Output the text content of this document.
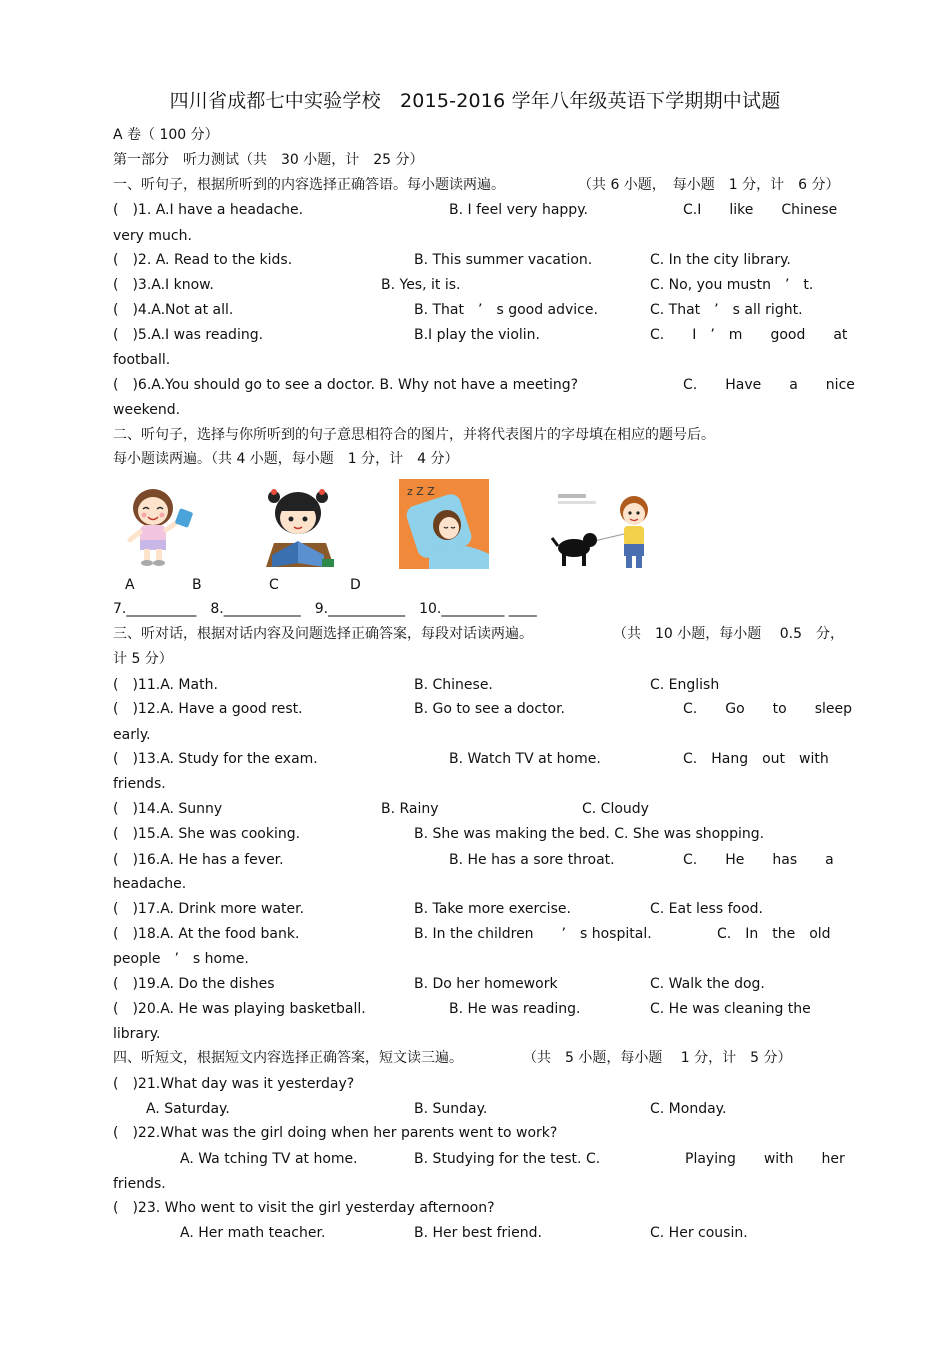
四川省成都七中实验学校　2015-2016 学年八年级英语下学期期中试题
A 卷（ 100 分）
第一部分　听力测试（共　30 小题，计　25 分）
一、听句子，根据所听到的内容选择正确答语。每小题读两遍。	（共 6 小题，　每小题　1 分，计　6 分）
(　)1. A.I have a headache.	B. I feel very happy.	C.I　　like　　Chinese
very much.
(　)2. A. Read to the kids.	B. This summer vacation.	C. In the city library.
(　)3.A.I know.	B. Yes, it is.	C. No, you mustn　’　t.
(　)4.A.Not at all.	B. That　’　s good advice.	C. That　’　s all right.
(　)5.A.I was reading.	B.I play the violin.	C.　　I　’　m　　good　　at
football.
(　)6.A.You should go to see a doctor. B. Why not have a meeting?	C.　　Have　　a　　nice
weekend.
二、听句子，选择与你所听到的句子意思相符合的图片，并将代表图片的字母填在相应的题号后。
每小题读两遍。（共 4 小题，每小题　1 分，计　4 分）
z Z Z
A	B	C	D
7.__________　8.___________　9.___________　10._________ ____
三、听对话，根据对话内容及问题选择正确答案，每段对话读两遍。	（共　10 小题，每小题　 0.5　分，
计 5 分）
(　)11.A. Math.	B. Chinese.	C. English
(　)12.A. Have a good rest.	B. Go to see a doctor.	C.　　Go　　to　　sleep
early.
(　)13.A. Study for the exam.	B. Watch TV at home.	C.　Hang　out　with
friends.
(　)14.A. Sunny	B. Rainy	C. Cloudy
(　)15.A. She was cooking.	B. She was making the bed. C. She was shopping.
(　)16.A. He has a fever.	B. He has a sore throat.	C.　　He　　has　　a
headache.
(　)17.A. Drink more water.	B. Take more exercise.	C. Eat less food.
(　)18.A. At the food bank.	B. In the children　　’　s hospital.	C.　In　the　old
people　’　s home.
(　)19.A. Do the dishes	B. Do her homework	C. Walk the dog.
(　)20.A. He was playing basketball.	B. He was reading.	C. He was cleaning the
library.
四、听短文，根据短文内容选择正确答案，短文读三遍。	（共　5 小题，每小题　 1 分，计　5 分）
(　)21.What day was it yesterday?
A. Saturday.	B. Sunday.	C. Monday.
(　)22.What was the girl doing when her parents went to work?
A. Wa tching TV at home.	B. Studying for the test. C.	Playing　　with　　her
friends.
(　)23. Who went to visit the girl yesterday afternoon?
A. Her math teacher.	B. Her best friend.	C. Her cousin.
